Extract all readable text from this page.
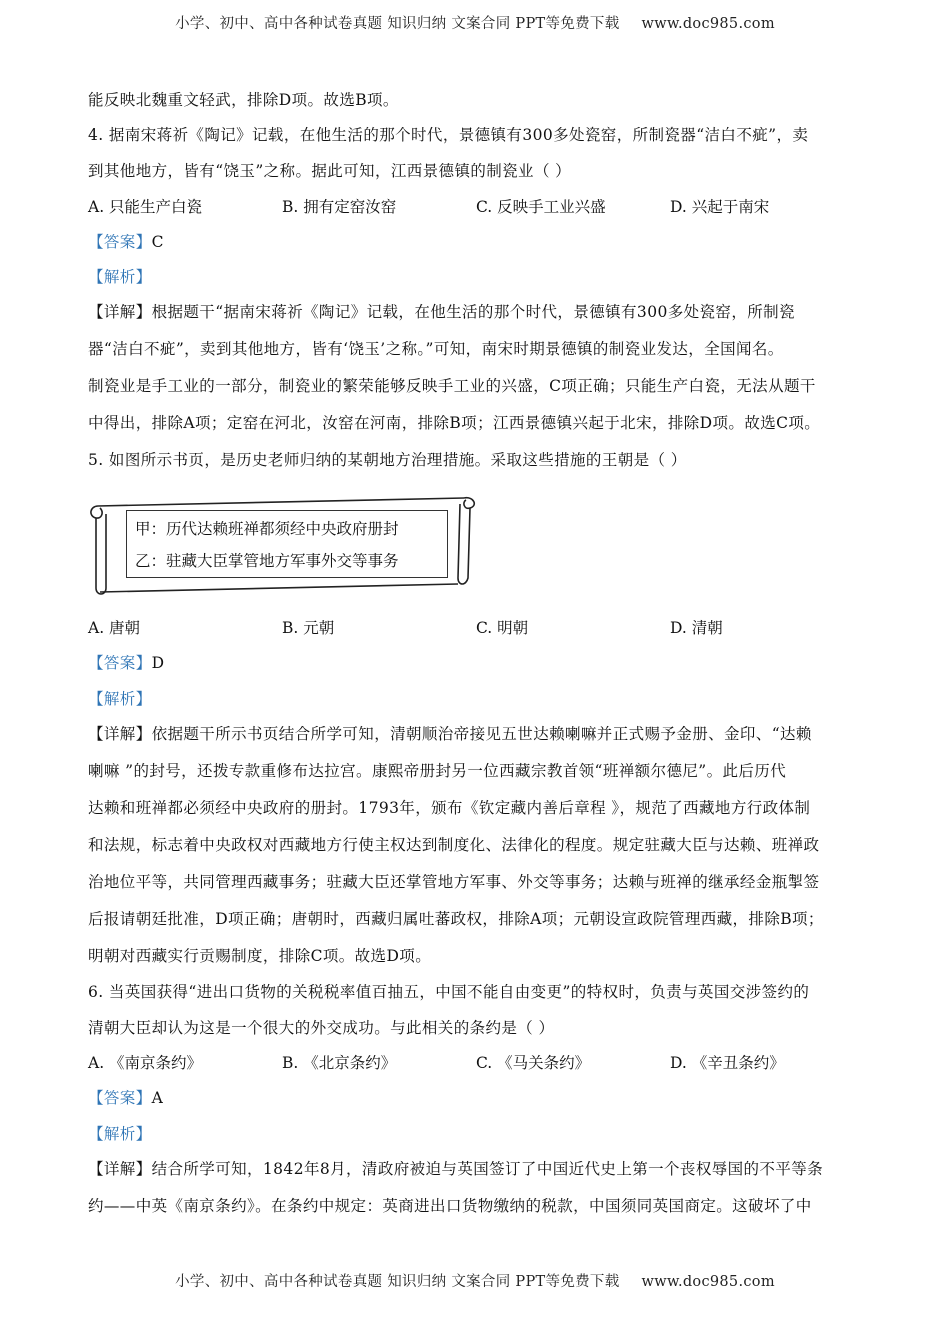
小学、初中、高中各种试卷真题 知识归纳 文案合同 PPT等免费下载 www.doc985.com
能反映北魏重文轻武，排除D项。故选B项。
4. 据南宋蒋祈《陶记》记载，在他生活的那个时代，景德镇有300多处瓷窑，所制瓷器“洁白不疵”，卖
到其他地方，皆有“饶玉”之称。据此可知，江西景德镇的制瓷业（ ）
A. 只能生产白瓷	B. 拥有定窑汝窑	C. 反映手工业兴盛	D. 兴起于南宋
【答案】C
【解析】
【详解】根据题干“据南宋蒋祈《陶记》记载，在他生活的那个时代，景德镇有300多处瓷窑，所制瓷
器“洁白不疵”，卖到其他地方，皆有‘饶玉’之称。”可知，南宋时期景德镇的制瓷业发达，全国闻名。
制瓷业是手工业的一部分，制瓷业的繁荣能够反映手工业的兴盛，C项正确；只能生产白瓷，无法从题干
中得出，排除A项；定窑在河北，汝窑在河南，排除B项；江西景德镇兴起于北宋，排除D项。故选C项。
5. 如图所示书页，是历史老师归纳的某朝地方治理措施。采取这些措施的王朝是（ ）
甲：历代达赖班禅都须经中央政府册封
乙：驻藏大臣掌管地方军事外交等事务
A. 唐朝	B. 元朝	C. 明朝	D. 清朝
【答案】D
【解析】
【详解】依据题干所示书页结合所学可知，清朝顺治帝接见五世达赖喇嘛并正式赐予金册、金印、“达赖
喇嘛 ”的封号，还拨专款重修布达拉宫。康熙帝册封另一位西藏宗教首领“班禅额尔德尼”。此后历代
达赖和班禅都必须经中央政府的册封。1793年，颁布《钦定藏内善后章程 》，规范了西藏地方行政体制
和法规，标志着中央政权对西藏地方行使主权达到制度化、法律化的程度。规定驻藏大臣与达赖、班禅政
治地位平等，共同管理西藏事务；驻藏大臣还掌管地方军事、外交等事务；达赖与班禅的继承经金瓶掣签
后报请朝廷批准，D项正确；唐朝时，西藏归属吐蕃政权，排除A项；元朝设宣政院管理西藏，排除B项；
明朝对西藏实行贡赐制度，排除C项。故选D项。
6. 当英国获得“进出口货物的关税税率值百抽五，中国不能自由变更”的特权时，负责与英国交涉签约的
清朝大臣却认为这是一个很大的外交成功。与此相关的条约是（ ）
A. 《南京条约》	B. 《北京条约》	C. 《马关条约》	D. 《辛丑条约》
【答案】A
【解析】
【详解】结合所学可知，1842年8月，清政府被迫与英国签订了中国近代史上第一个丧权辱国的不平等条
约——中英《南京条约》。在条约中规定：英商进出口货物缴纳的税款，中国须同英国商定。这破坏了中
小学、初中、高中各种试卷真题 知识归纳 文案合同 PPT等免费下载 www.doc985.com
